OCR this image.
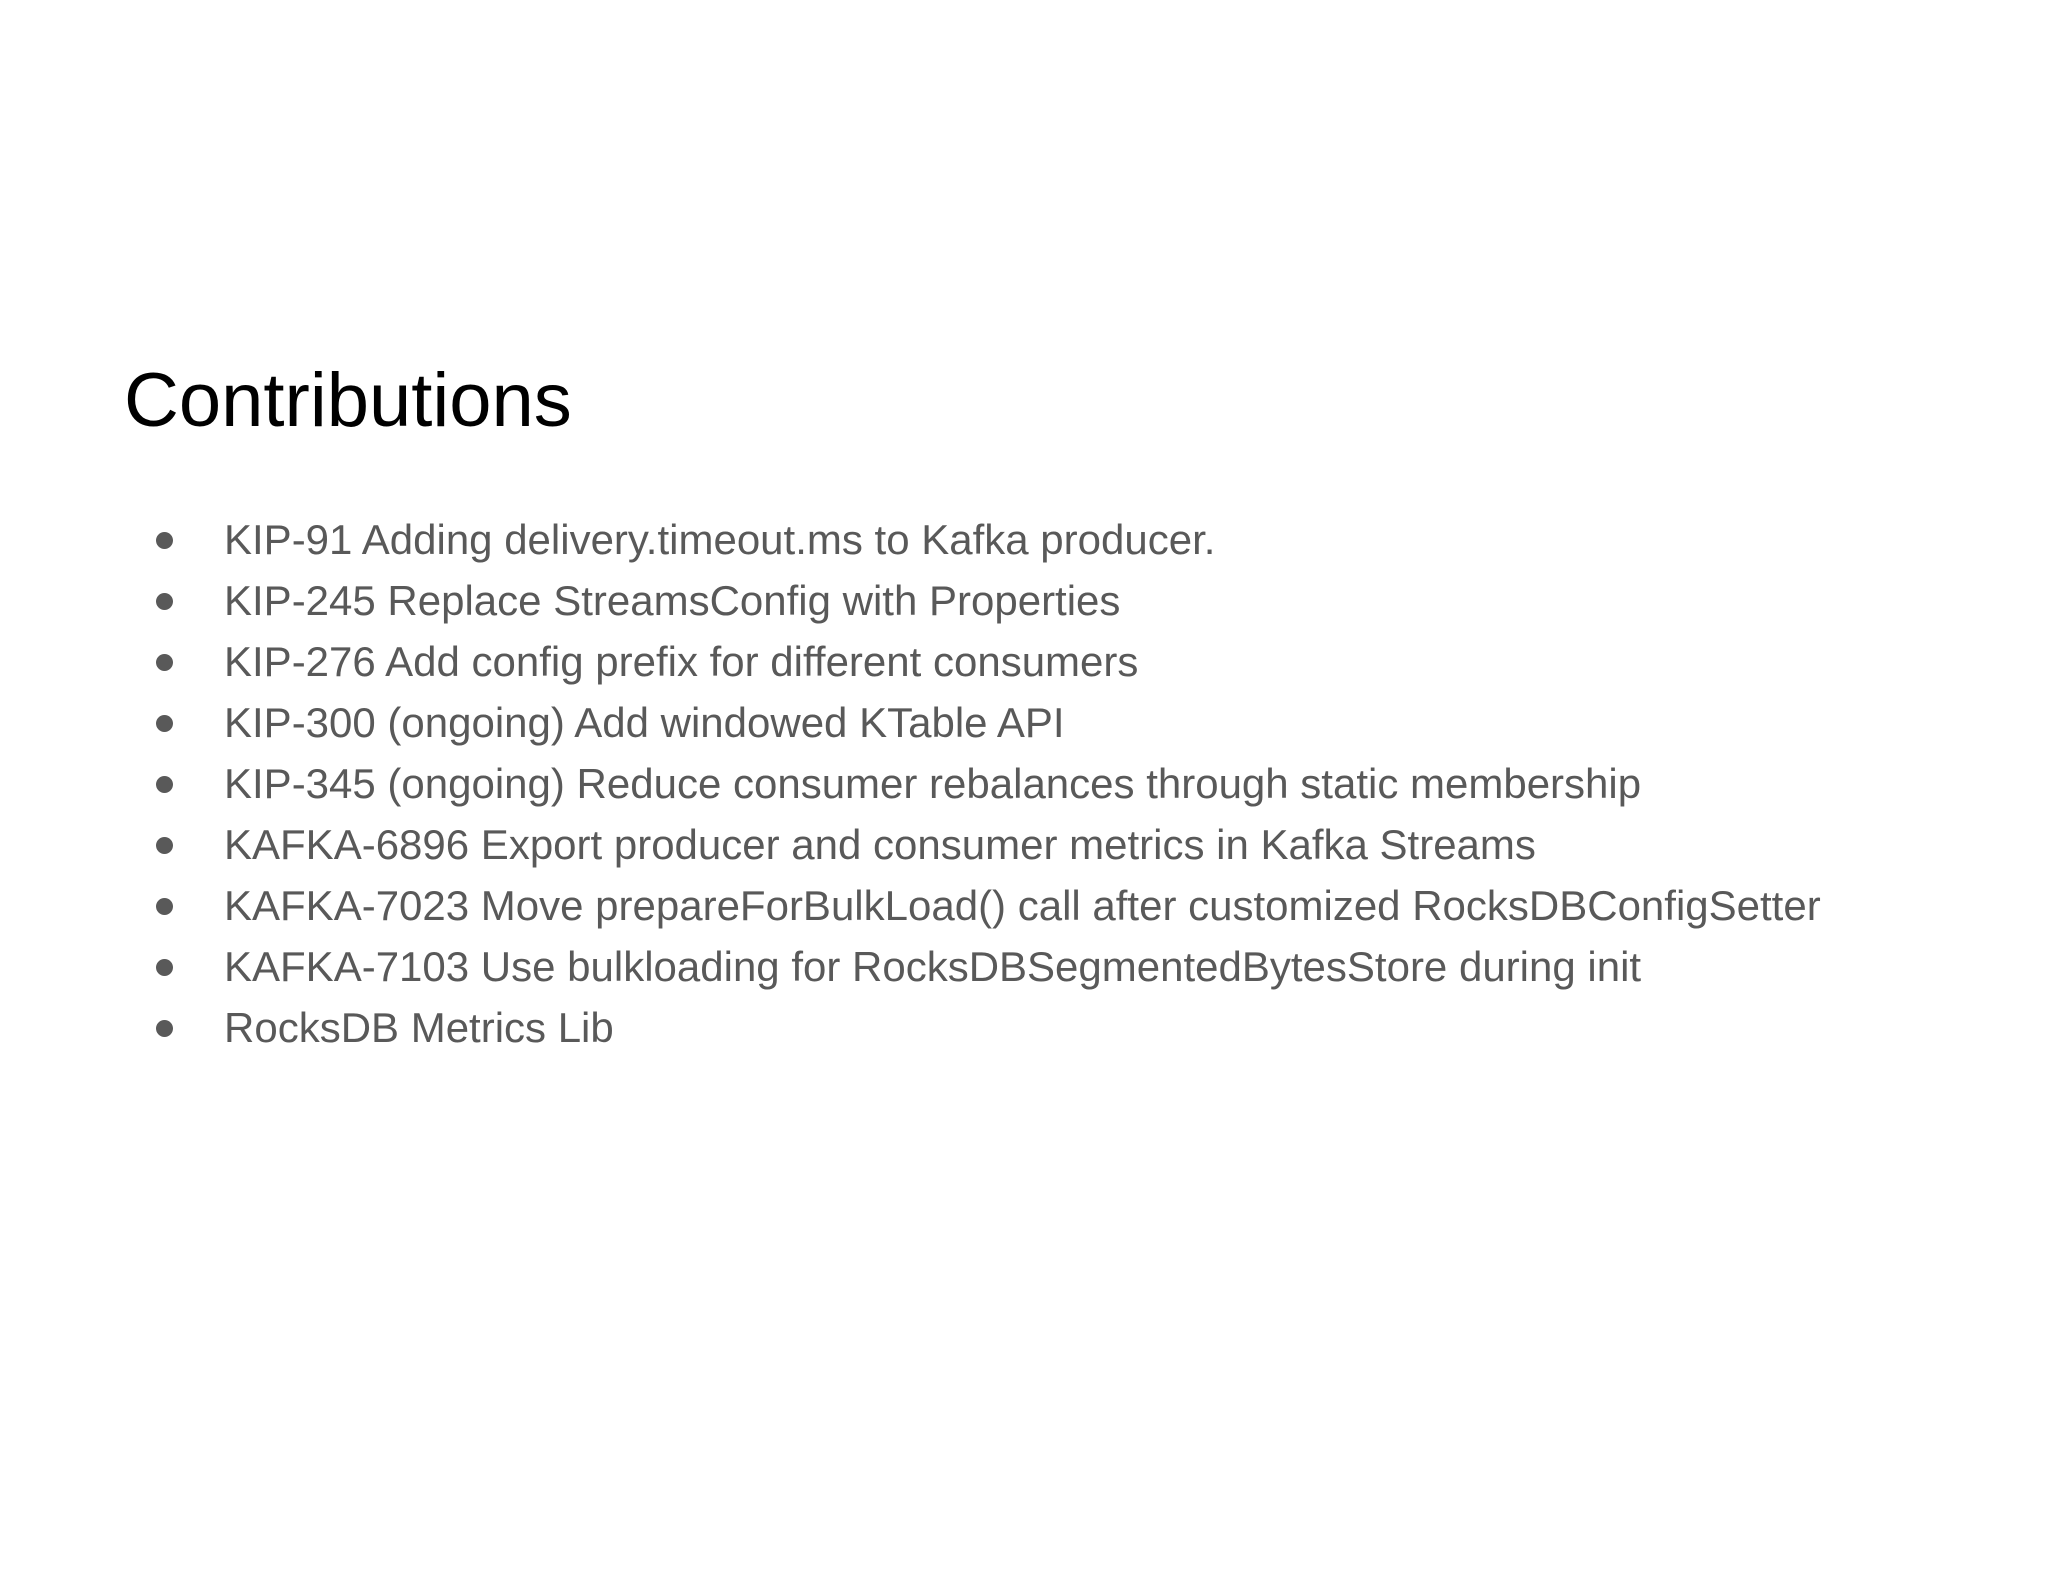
Contributions
KIP-91 Adding delivery.timeout.ms to Kafka producer.
KIP-245 Replace StreamsConfig with Properties
KIP-276 Add config prefix for different consumers
KIP-300 (ongoing) Add windowed KTable API
KIP-345 (ongoing) Reduce consumer rebalances through static membership
KAFKA-6896 Export producer and consumer metrics in Kafka Streams
KAFKA-7023 Move prepareForBulkLoad() call after customized RocksDBConfigSetter
KAFKA-7103 Use bulkloading for RocksDBSegmentedBytesStore during init
RocksDB Metrics Lib
